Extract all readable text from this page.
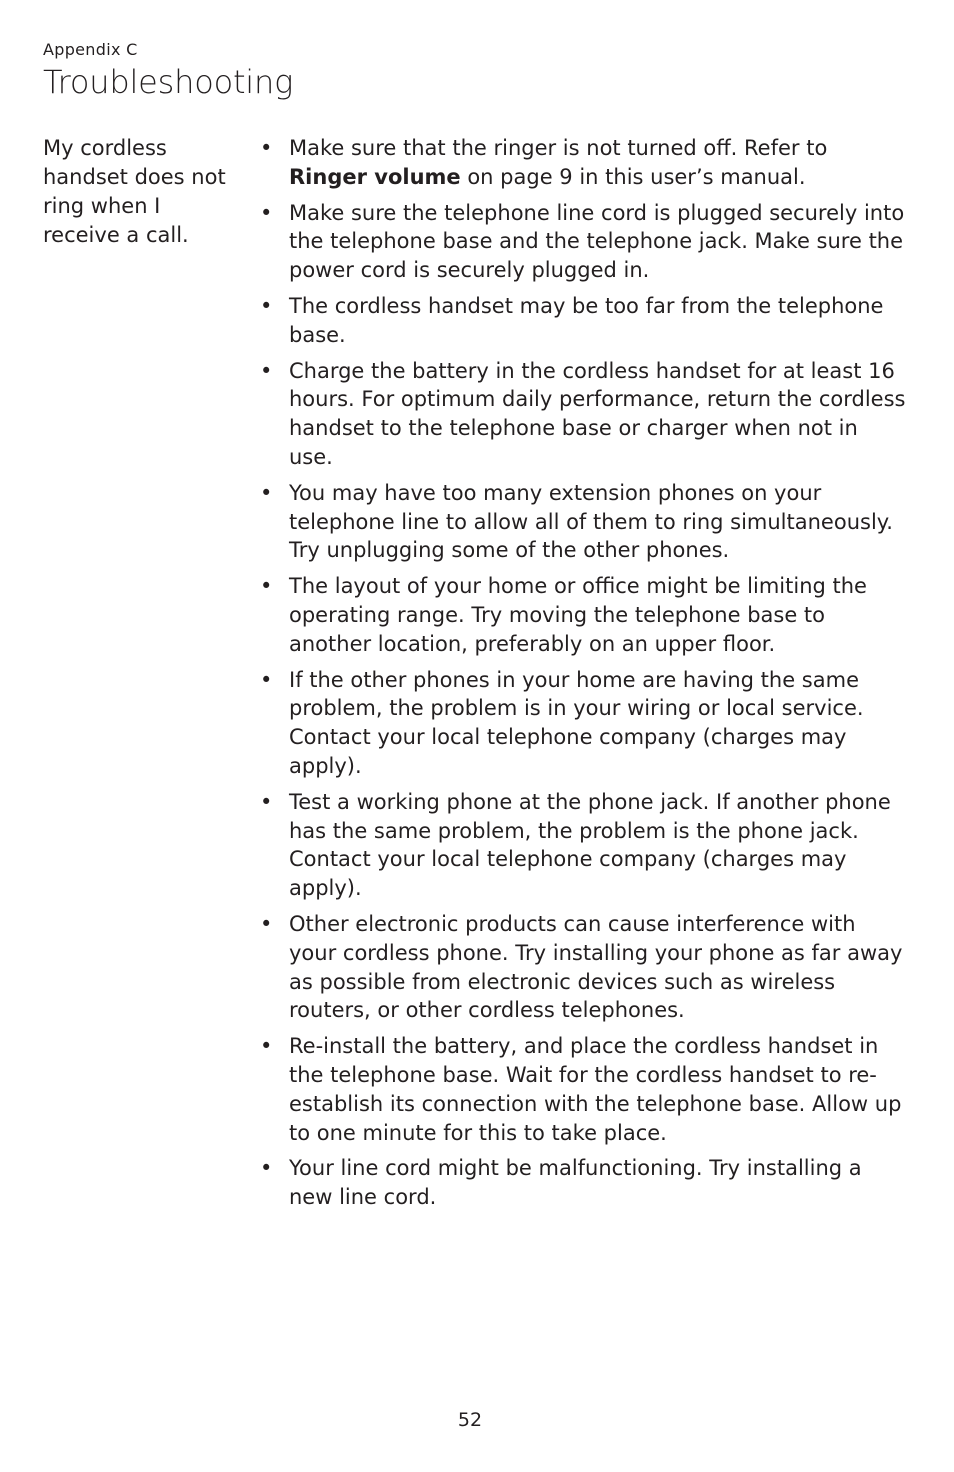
Appendix C
Troubleshooting

My cordless handset does not ring when I receive a call.

• Make sure that the ringer is not turned off. Refer to Ringer volume on page 9 in this user’s manual.
• Make sure the telephone line cord is plugged securely into the telephone base and the telephone jack. Make sure the power cord is securely plugged in.
• The cordless handset may be too far from the telephone base.
• Charge the battery in the cordless handset for at least 16 hours. For optimum daily performance, return the cordless handset to the telephone base or charger when not in use.
• You may have too many extension phones on your telephone line to allow all of them to ring simultaneously. Try unplugging some of the other phones.
• The layout of your home or office might be limiting the operating range. Try moving the telephone base to another location, preferably on an upper floor.
• If the other phones in your home are having the same problem, the problem is in your wiring or local service. Contact your local telephone company (charges may apply).
• Test a working phone at the phone jack. If another phone has the same problem, the problem is the phone jack. Contact your local telephone company (charges may apply).
• Other electronic products can cause interference with your cordless phone. Try installing your phone as far away as possible from electronic devices such as wireless routers, or other cordless telephones.
• Re-install the battery, and place the cordless handset in the telephone base. Wait for the cordless handset to re-establish its connection with the telephone base. Allow up to one minute for this to take place.
• Your line cord might be malfunctioning. Try installing a new line cord.
52
